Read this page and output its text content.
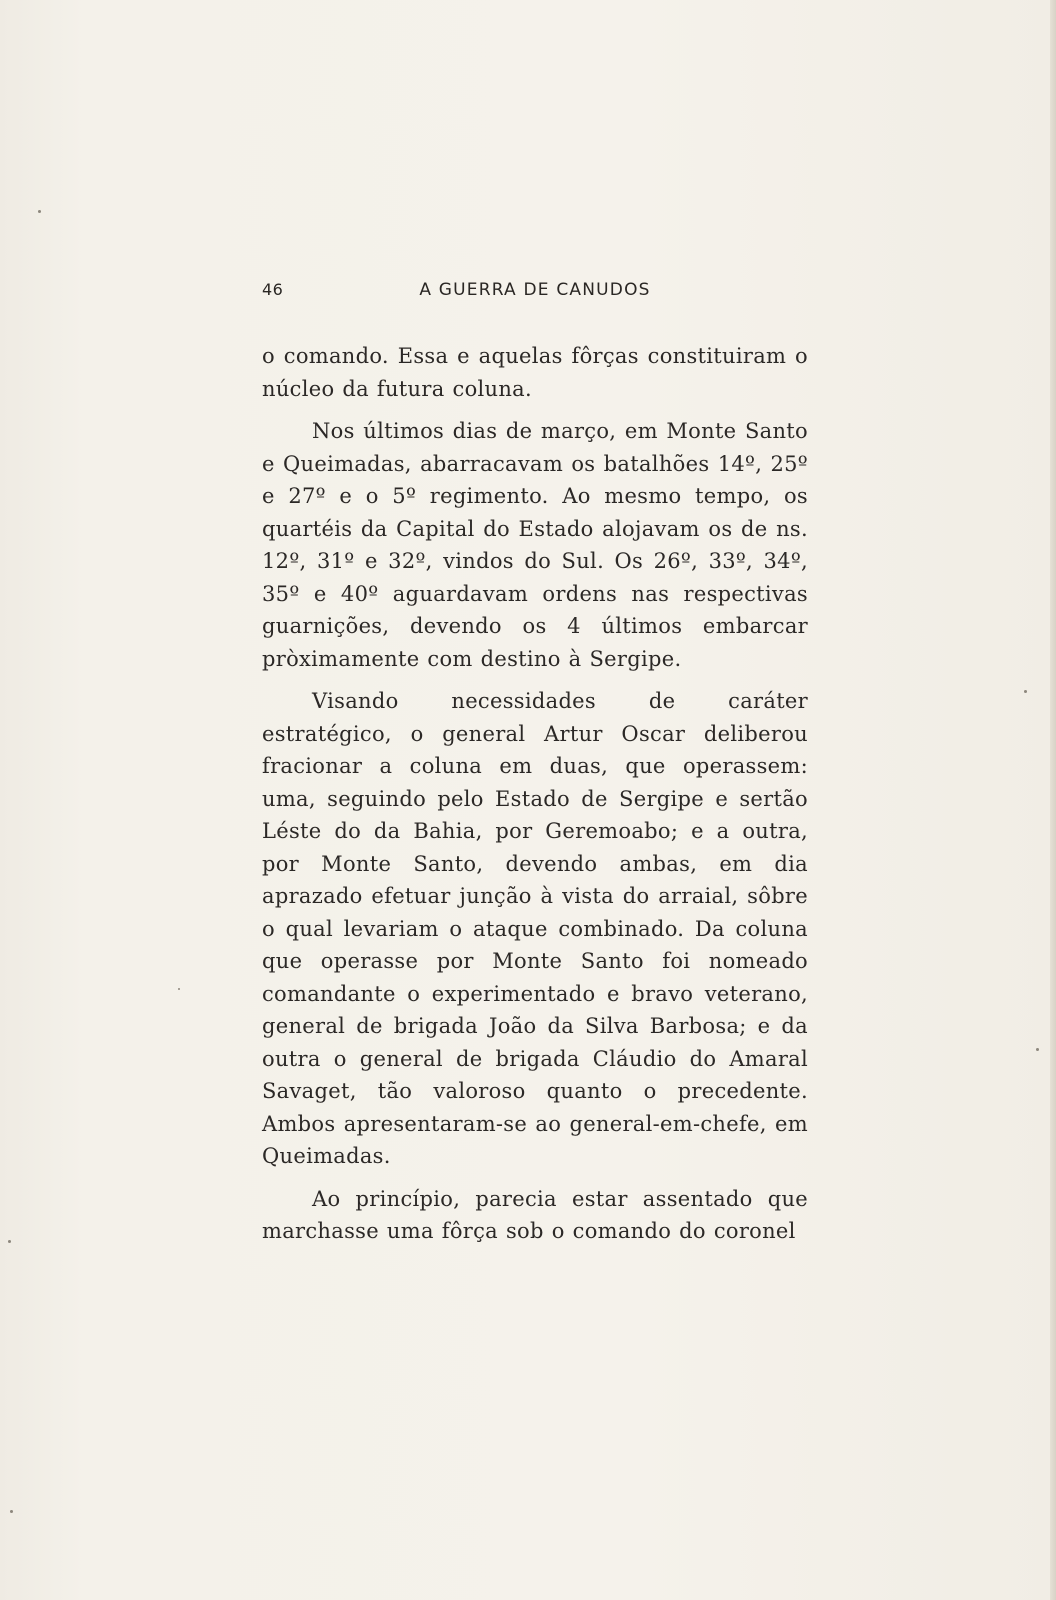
46	A GUERRA DE CANUDOS

o comando. Essa e aquelas fôrças constituiram o núcleo da futura coluna.

Nos últimos dias de março, em Monte Santo e Queimadas, abarracavam os batalhões 14º, 25º e 27º e o 5º regimento. Ao mesmo tempo, os quartéis da Capital do Estado alojavam os de ns. 12º, 31º e 32º, vindos do Sul. Os 26º, 33º, 34º, 35º e 40º aguardavam ordens nas respectivas guarnições, devendo os 4 últimos embarcar pròximamente com destino à Sergipe.

Visando necessidades de caráter estratégico, o general Artur Oscar deliberou fracionar a coluna em duas, que operassem: uma, seguindo pelo Estado de Sergipe e sertão Léste do da Bahia, por Geremoabo; e a outra, por Monte Santo, devendo ambas, em dia aprazado efetuar junção à vista do arraial, sôbre o qual levariam o ataque combinado. Da coluna que operasse por Monte Santo foi nomeado comandante o experimentado e bravo veterano, general de brigada João da Silva Barbosa; e da outra o general de brigada Cláudio do Amaral Savaget, tão valoroso quanto o precedente. Ambos apresentaram-se ao general-em-chefe, em Queimadas.

Ao princípio, parecia estar assentado que marchasse uma fôrça sob o comando do coronel
